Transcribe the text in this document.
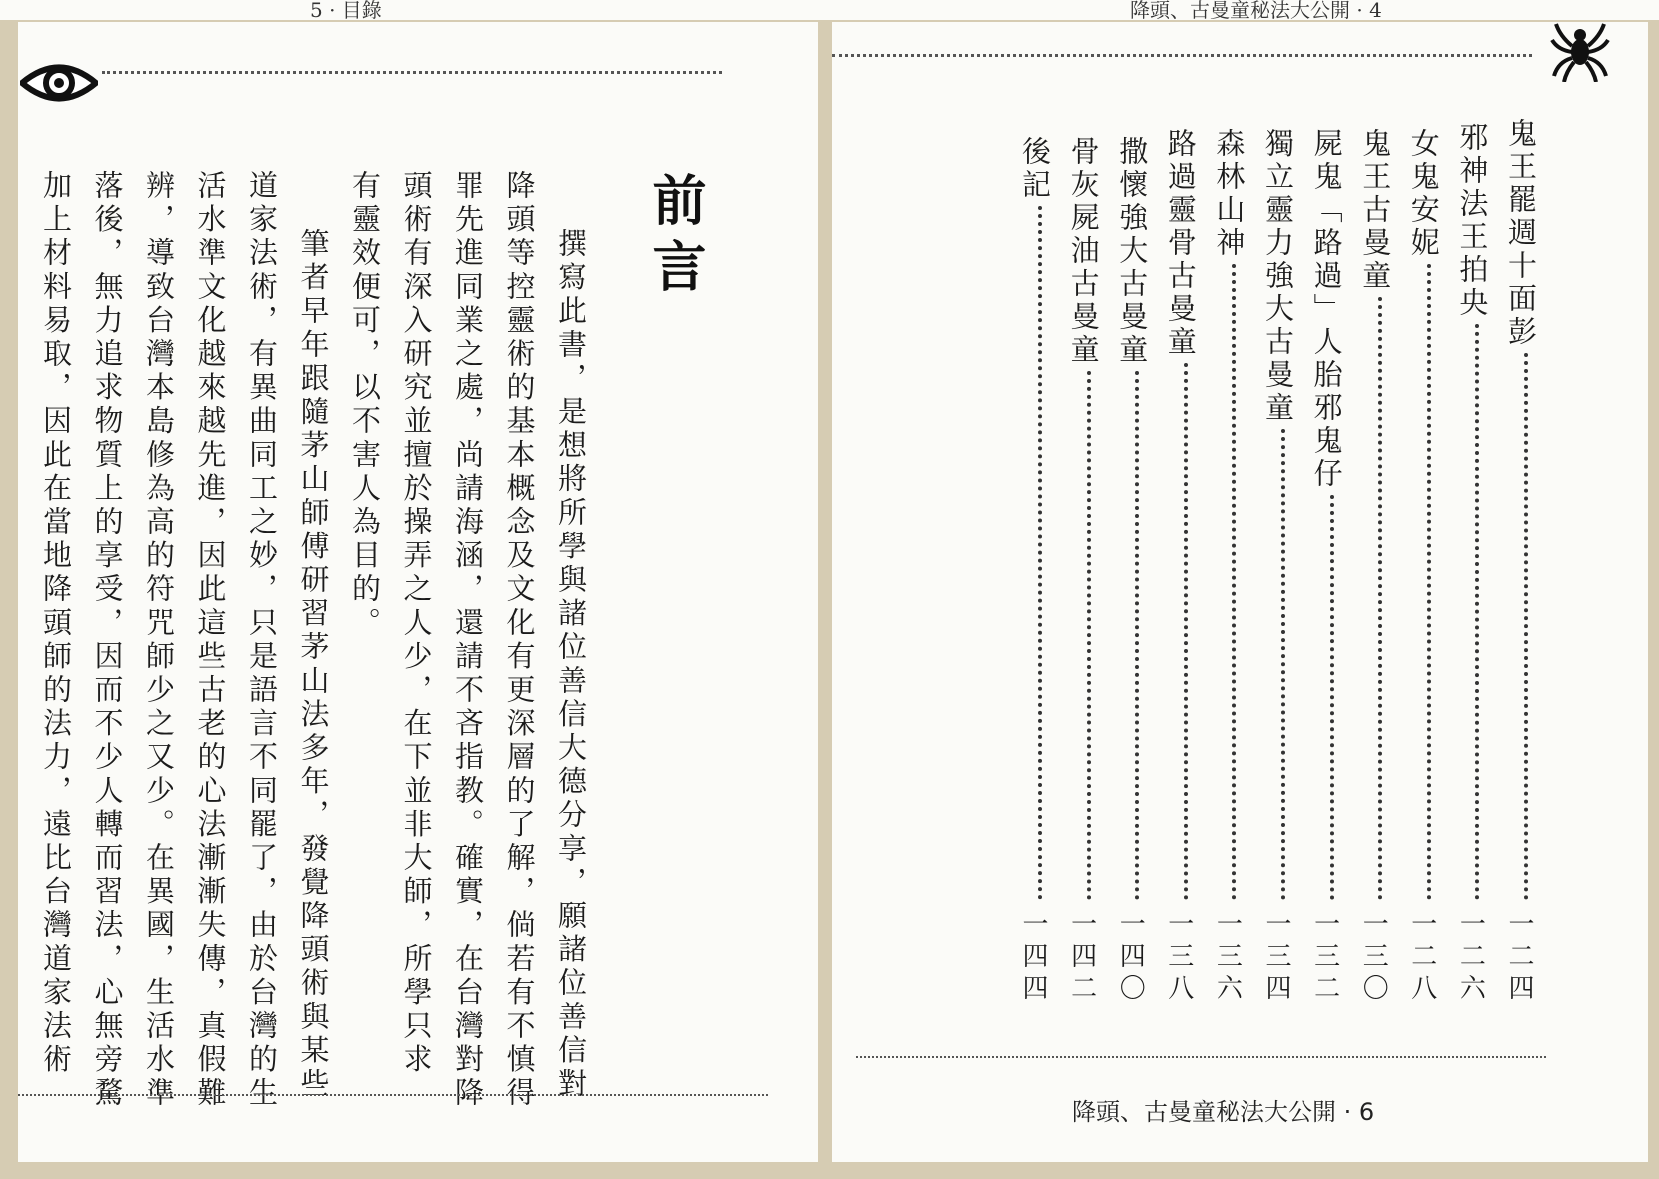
5 · 目錄	降頭、古曼童秘法大公開 · 4
前言
撰寫此書，是想將所學與諸位善信大德分享，願諸位善信對
降頭等控靈術的基本概念及文化有更深層的了解，倘若有不慎得
罪先進同業之處，尚請海涵，還請不吝指教。確實，在台灣對降
頭術有深入研究並擅於操弄之人少，在下並非大師，所學只求
有靈效便可，以不害人為目的。
筆者早年跟隨茅山師傅研習茅山法多年，發覺降頭術與某些
道家法術，有異曲同工之妙，只是語言不同罷了，由於台灣的生
活水準文化越來越先進，因此這些古老的心法漸漸失傳，真假難
辨，導致台灣本島修為高的符咒師少之又少。在異國，生活水準
落後，無力追求物質上的享受，因而不少人轉而習法，心無旁騖
加上材料易取，因此在當地降頭師的法力，遠比台灣道家法術	鬼王罷週十面彭
一二四
邪神法王拍央
一二六
女鬼安妮
一二八
鬼王古曼童
一三〇
屍鬼「路過」人胎邪鬼仔
一三二
獨立靈力強大古曼童
一三四
森林山神
一三六
路過靈骨古曼童
一三八
撒懷強大古曼童
一四〇
骨灰屍油古曼童
一四二
後記
一四四
降頭、古曼童秘法大公開 · 6
